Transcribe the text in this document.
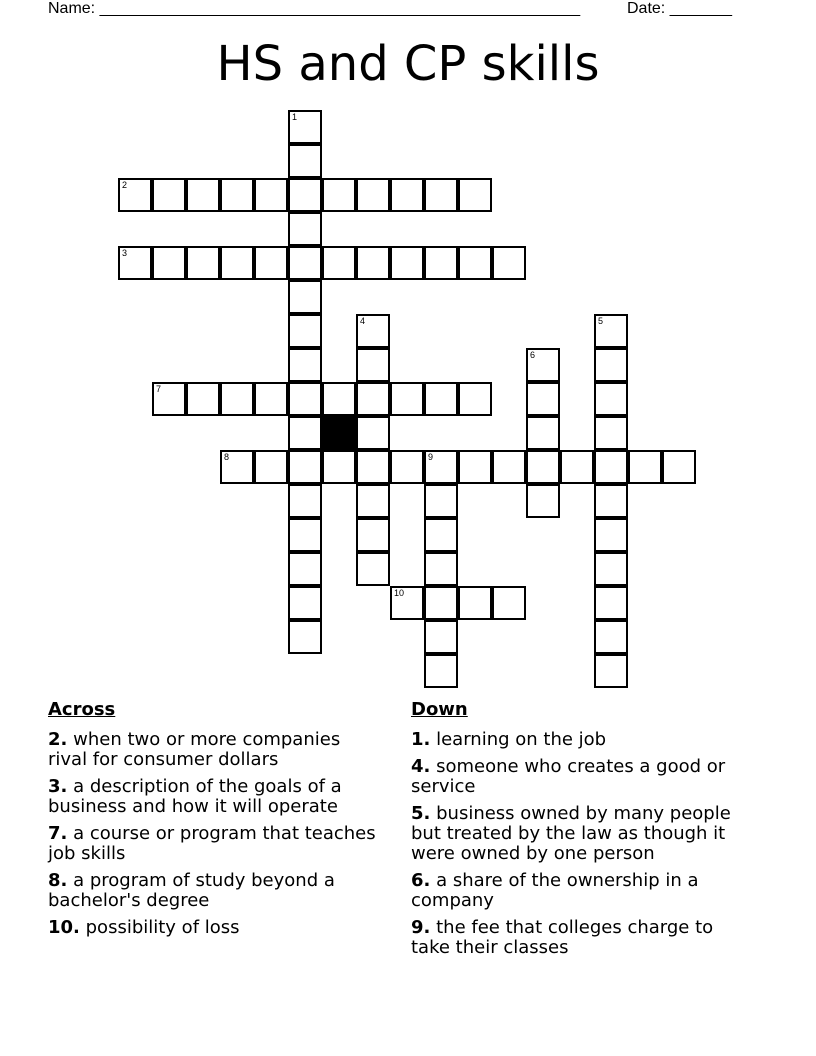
Name: ______________________________________________________	Date: _______
HS and CP skills
1
2
3
4	5
6
7
8	9
10
Across
2. when two or more companies rival for consumer dollars
3. a description of the goals of a business and how it will operate
7. a course or program that teaches job skills
8. a program of study beyond a bachelor's degree
10. possibility of loss
Down
1. learning on the job
4. someone who creates a good or service
5. business owned by many people but treated by the law as though it were owned by one person
6. a share of the ownership in a company
9. the fee that colleges charge to take their classes
